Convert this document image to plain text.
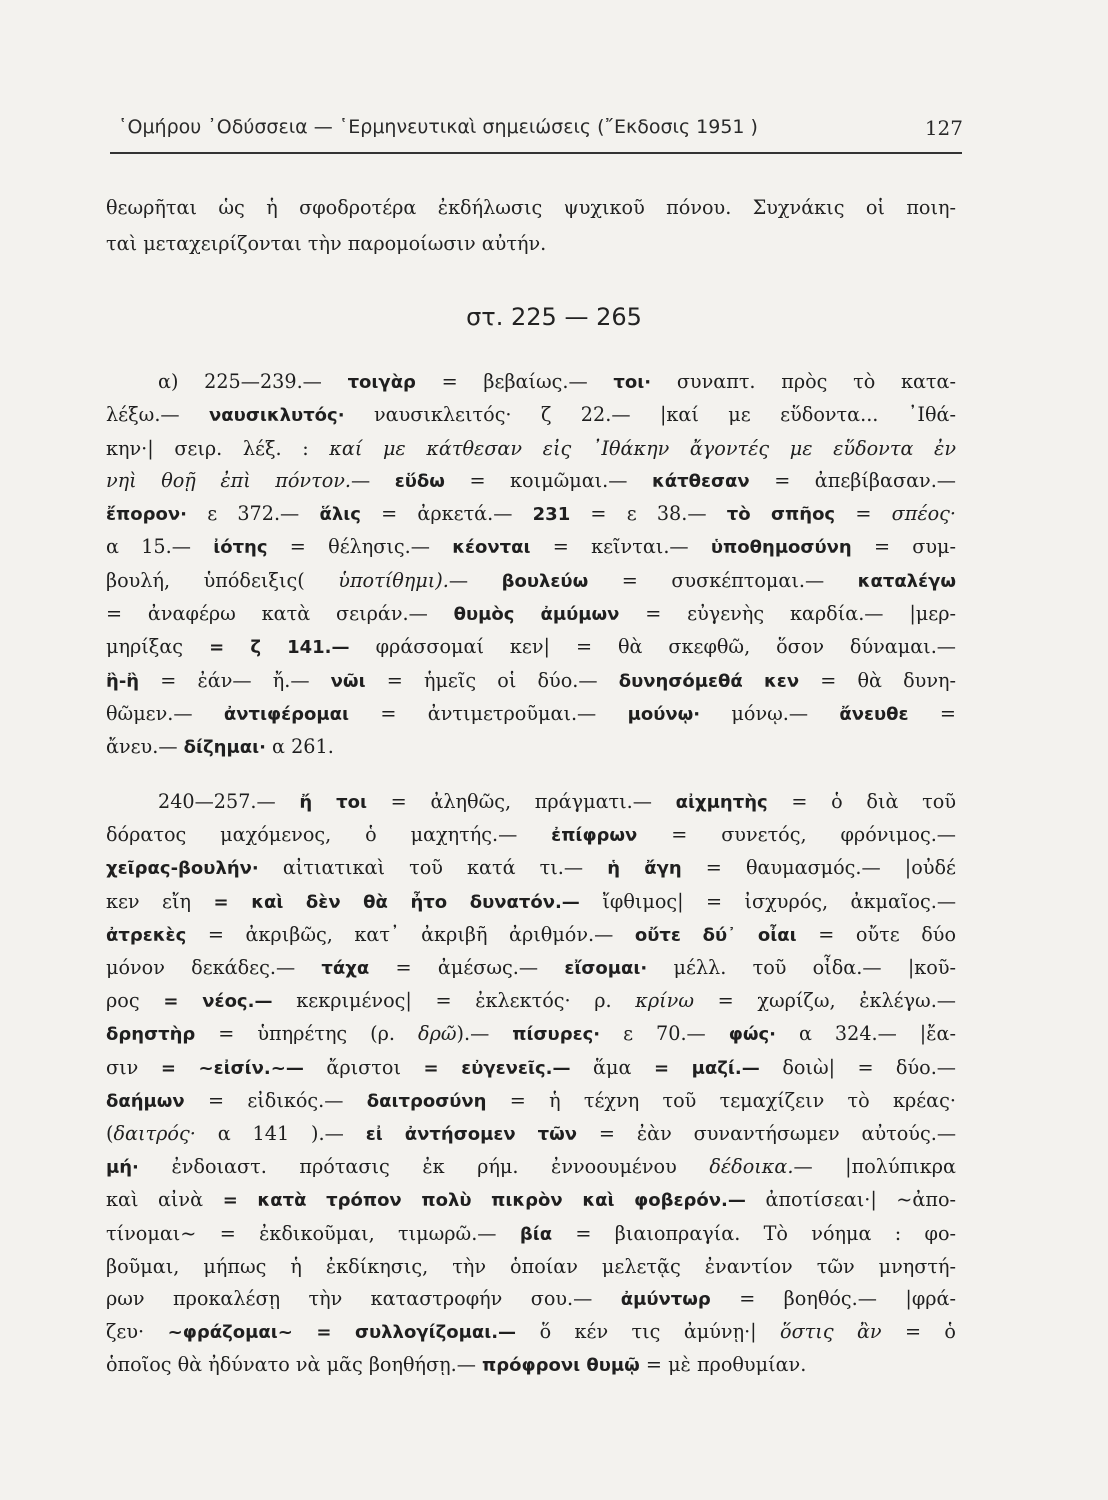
῾Ομήρου ᾿Οδύσσεια — ῾Ερμηνευτικαὶ σημειώσεις (῎Εκδοσις 1951 )	127
θεωρῆται ὡς ἡ σφοδροτέρα ἐκδήλωσις ψυχικοῦ πόνου. Συχνάκις οἱ ποιη-
ταὶ μεταχειρίζονται τὴν παρομοίωσιν αὐτήν.
στ. 225 — 265
α) 225—239.— τοιγὰρ = βεβαίως.— τοι· συναπτ. πρὸς τὸ κατα-
λέξω.— ναυσικλυτός· ναυσικλειτός· ζ 22.— |καί με εὕδοντα... ᾿Ιθά-
κην·| σειρ. λέξ. : καί με κάτθεσαν εἰς ᾿Ιθάκην ἄγοντές με εὕδοντα ἐν
νηὶ θοῇ ἐπὶ πόντον.— εὕδω = κοιμῶμαι.— κάτθεσαν = ἀπεβίβασαν.—
ἔπορον· ε 372.— ἅλις = ἀρκετά.— 231 = ε 38.— τὸ σπῆος = σπέος·
α 15.— ἰότης = θέλησις.— κέονται = κεῖνται.— ὑποθημοσύνη = συμ-
βουλή, ὑπόδειξις( ὑποτίθημι).— βουλεύω = συσκέπτομαι.— καταλέγω
= ἀναφέρω κατὰ σειράν.— θυμὸς ἀμύμων = εὐγενὴς καρδία.— |μερ-
μηρίξας = ζ 141.— φράσσομαί κεν| = θὰ σκεφθῶ, ὅσον δύναμαι.—
ἢ-ἢ = ἐάν— ἤ.— νῶι = ἡμεῖς οἱ δύο.— δυνησόμεθά κεν = θὰ δυνη-
θῶμεν.— ἀντιφέρομαι = ἀντιμετροῦμαι.— μούνῳ· μόνῳ.— ἄνευθε =
ἄνευ.— δίζημαι· α 261.
240—257.— ἤ τοι = ἀληθῶς, πράγματι.— αἰχμητὴς = ὁ διὰ τοῦ
δόρατος μαχόμενος, ὁ μαχητής.— ἐπίφρων = συνετός, φρόνιμος.—
χεῖρας-βουλήν· αἰτιατικαὶ τοῦ κατά τι.— ἡ ἄγη = θαυμασμός.— |οὐδέ
κεν εἴη = καὶ δὲν θὰ ἦτο δυνατόν.— ἴφθιμος| = ἰσχυρός, ἀκμαῖος.—
ἀτρεκὲς = ἀκριβῶς, κατ᾿ ἀκριβῆ ἀριθμόν.— οὔτε δύ᾿ οἶαι = οὔτε δύο
μόνον δεκάδες.— τάχα = ἀμέσως.— εἴσομαι· μέλλ. τοῦ οἶδα.— |κοῦ-
ρος = νέος.— κεκριμένος| = ἐκλεκτός· ρ. κρίνω = χωρίζω, ἐκλέγω.—
δρηστὴρ = ὑπηρέτης (ρ. δρῶ).— πίσυρες· ε 70.— φώς· α 324.— |ἔα-
σιν = ~εἰσίν.~— ἄριστοι = εὐγενεῖς.— ἅμα = μαζί.— δοιὼ| = δύο.—
δαήμων = εἰδικός.— δαιτροσύνη = ἡ τέχνη τοῦ τεμαχίζειν τὸ κρέας·
(δαιτρός· α 141 ).— εἰ ἀντήσομεν τῶν = ἐὰν συναντήσωμεν αὐτούς.—
μή· ἐνδοιαστ. πρότασις ἐκ ρήμ. ἐννοουμένου δέδοικα.— |πολύπικρα
καὶ αἰνὰ = κατὰ τρόπον πολὺ πικρὸν καὶ φοβερόν.— ἀποτίσεαι·| ~ἀπο-
τίνομαι~ = ἐκδικοῦμαι, τιμωρῶ.— βία = βιαιοπραγία. Τὸ νόημα : φο-
βοῦμαι, μήπως ἡ ἐκδίκησις, τὴν ὁποίαν μελετᾷς ἐναντίον τῶν μνηστή-
ρων προκαλέσῃ τὴν καταστροφήν σου.— ἀμύντωρ = βοηθός.— |φρά-
ζευ· ~φράζομαι~ = συλλογίζομαι.— ὅ κέν τις ἀμύνῃ·| ὅστις ἂν = ὁ
ὁποῖος θὰ ἠδύνατο νὰ μᾶς βοηθήσῃ.— πρόφρονι θυμῷ = μὲ προθυμίαν.
